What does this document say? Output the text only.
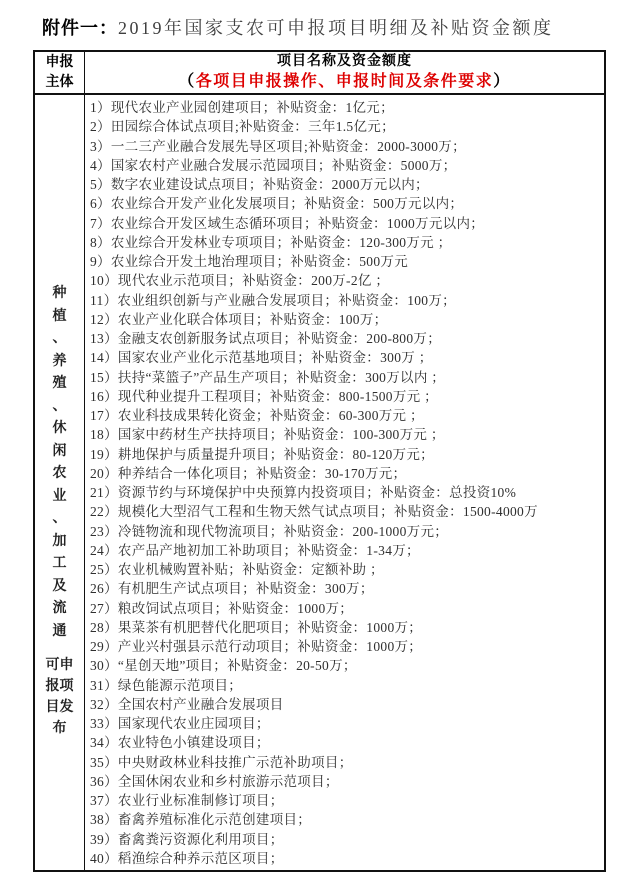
附件一：2019年国家支农可申报项目明细及补贴资金额度
申报主体
项目名称及资金额度
（各项目申报操作、申报时间及条件要求）
种植、养殖、休闲农业、加工及流通
可申报项目发布
1）现代农业产业园创建项目；补贴资金：1亿元；
2）田园综合体试点项目;补贴资金：三年1.5亿元；
3）一二三产业融合发展先导区项目;补贴资金：2000-3000万；
4）国家农村产业融合发展示范园项目；补贴资金：5000万；
5）数字农业建设试点项目；补贴资金：2000万元以内；
6）农业综合开发产业化发展项目；补贴资金：500万元以内；
7）农业综合开发区域生态循环项目；补贴资金：1000万元以内；
8）农业综合开发林业专项项目；补贴资金：120-300万元 ；
9）农业综合开发土地治理项目；补贴资金：500万元
10）现代农业示范项目；补贴资金：200万-2亿 ；
11）农业组织创新与产业融合发展项目；补贴资金：100万；
12）农业产业化联合体项目；补贴资金：100万；
13）金融支农创新服务试点项目；补贴资金：200-800万；
14）国家农业产业化示范基地项目；补贴资金：300万 ；
15）扶持“菜篮子”产品生产项目；补贴资金：300万以内 ；
16）现代种业提升工程项目；补贴资金：800-1500万元 ；
17）农业科技成果转化资金；补贴资金：60-300万元 ；
18）国家中药材生产扶持项目；补贴资金：100-300万元 ；
19）耕地保护与质量提升项目；补贴资金：80-120万元；
20）种养结合一体化项目；补贴资金：30-170万元；
21）资源节约与环境保护中央预算内投资项目；补贴资金：总投资10%
22）规模化大型沼气工程和生物天然气试点项目；补贴资金：1500-4000万
23）冷链物流和现代物流项目；补贴资金：200-1000万元；
24）农产品产地初加工补助项目；补贴资金：1-34万；
25）农业机械购置补贴；补贴资金：定额补助 ；
26）有机肥生产试点项目；补贴资金：300万；
27）粮改饲试点项目；补贴资金：1000万；
28）果菜茶有机肥替代化肥项目；补贴资金：1000万；
29）产业兴村强县示范行动项目；补贴资金：1000万；
30）“星创天地”项目；补贴资金：20-50万；
31）绿色能源示范项目；
32）全国农村产业融合发展项目
33）国家现代农业庄园项目；
34）农业特色小镇建设项目；
35）中央财政林业科技推广示范补助项目；
36）全国休闲农业和乡村旅游示范项目；
37）农业行业标准制修订项目；
38）畜禽养殖标准化示范创建项目；
39）畜禽粪污资源化利用项目；
40）稻渔综合种养示范区项目；
